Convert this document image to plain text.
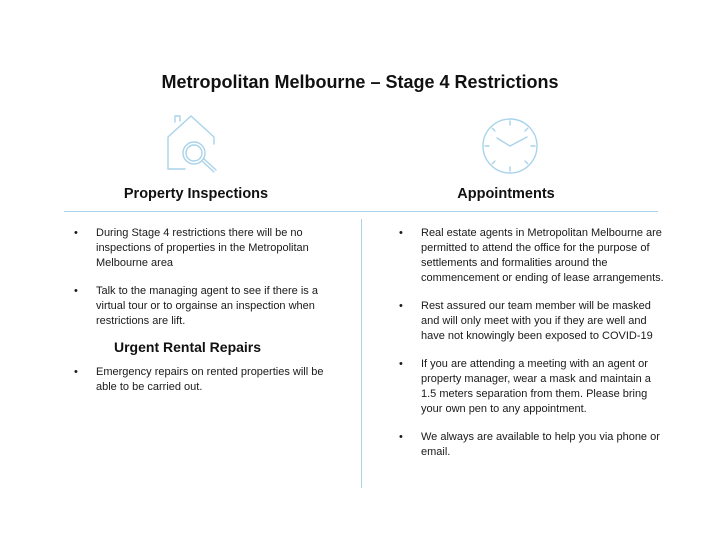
Metropolitan Melbourne – Stage 4 Restrictions
Property Inspections	Appointments
• During Stage 4 restrictions there will be no inspections of properties in the Metropolitan Melbourne area
• Talk to the managing agent to see if there is a virtual tour or to orgainse an inspection when restrictions are lift.
Urgent Rental Repairs
• Emergency repairs on rented properties will be able to be carried out.
• Real estate agents in Metropolitan Melbourne are permitted to attend the office for the purpose of settlements and formalities around the commencement or ending of lease arrangements.
• Rest assured our team member will be masked and will only meet with you if they are well and have not knowingly been exposed to COVID-19
• If you are attending a meeting with an agent or property manager, wear a mask and maintain a 1.5 meters separation from them. Please bring your own pen to any appointment.
• We always are available to help you via phone or email.
